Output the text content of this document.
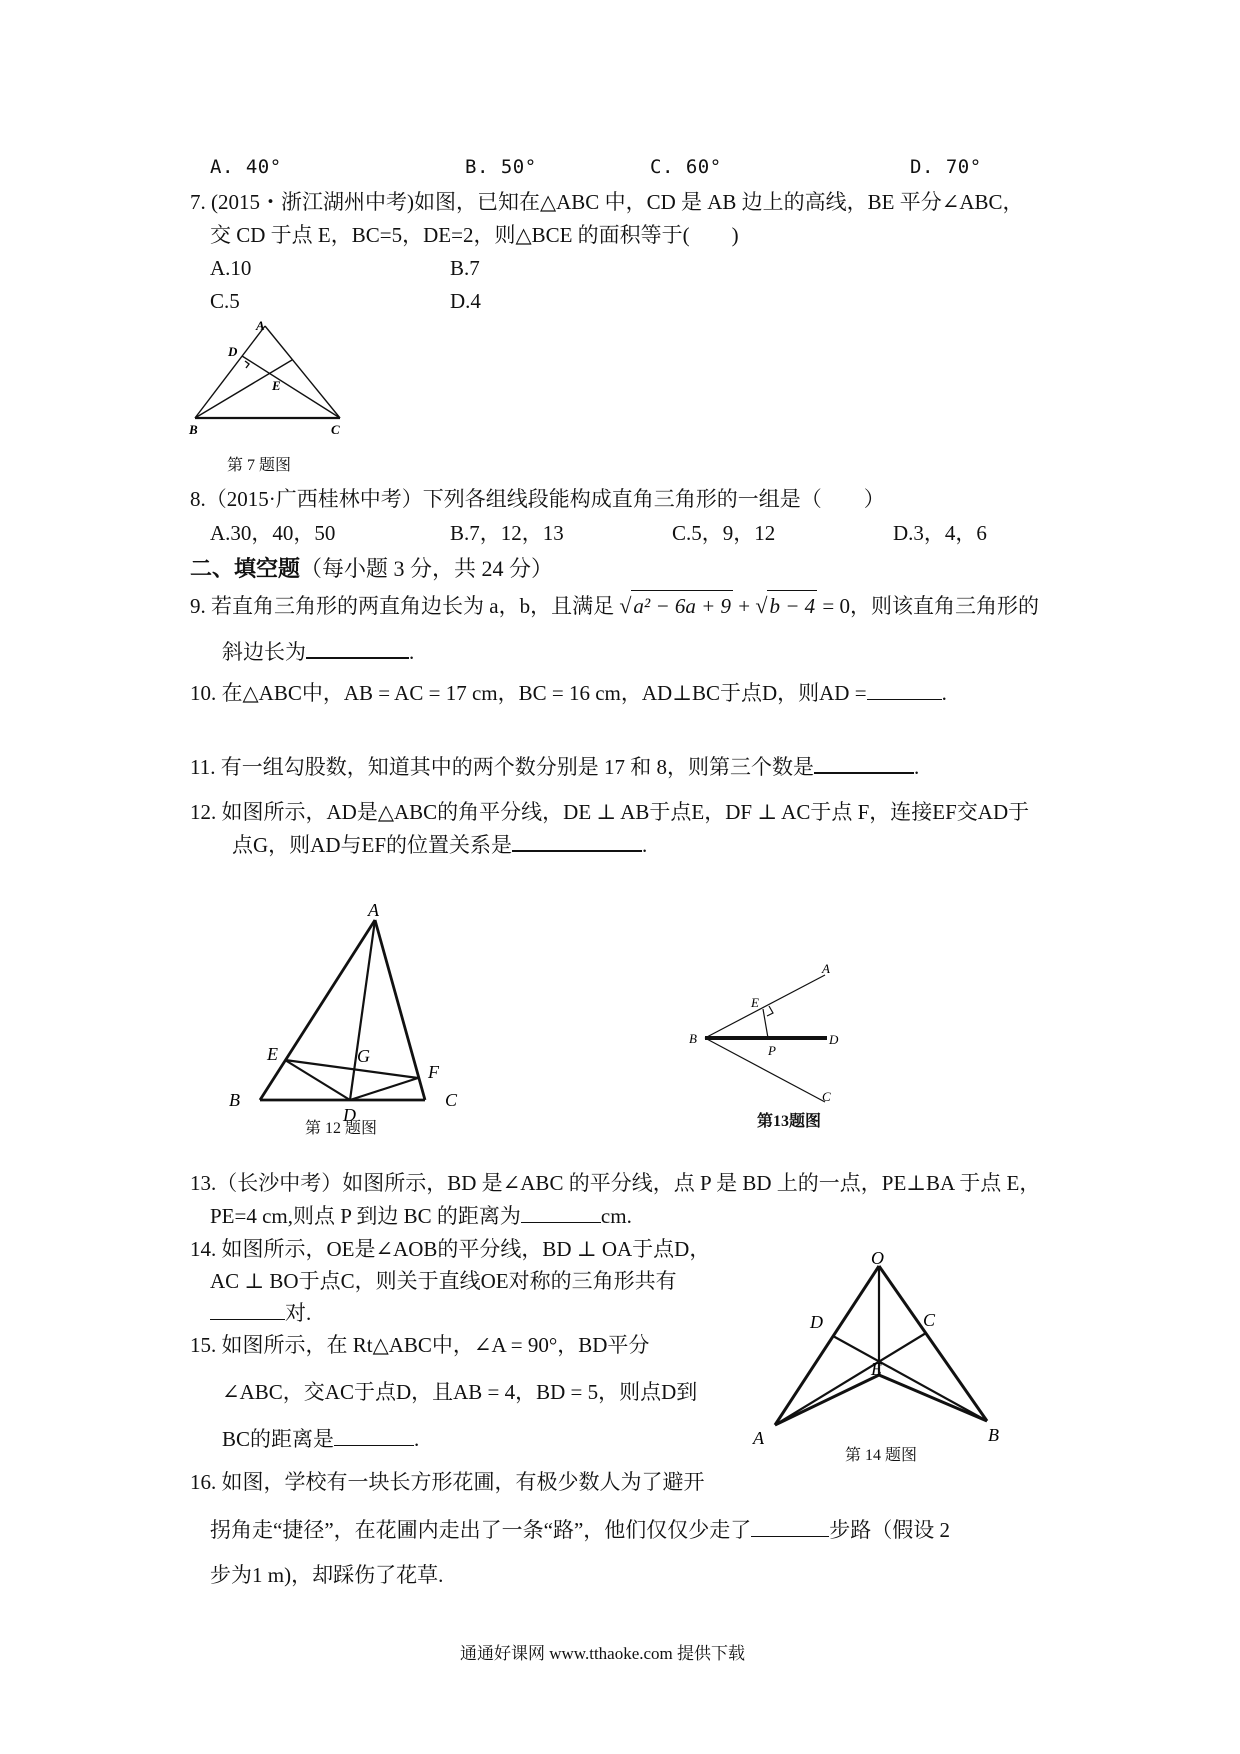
A. 40°	B. 50°	C. 60°	D. 70°
7. (2015・浙江湖州中考)如图，已知在△ABC 中，CD 是 AB 边上的高线，BE 平分∠ABC，
交 CD 于点 E，BC=5，DE=2，则△BCE 的面积等于(　　)
A.10	B.7
C.5	D.4
A
D
E
B	C
第 7 题图
8.（2015·广西桂林中考）下列各组线段能构成直角三角形的一组是（　　）
A.30，40，50	B.7，12，13	C.5，9，12	D.3，4，6
二、填空题（每小题 3 分，共 24 分）
9. 若直角三角形的两直角边长为 a，b，且满足 √a² − 6a + 9 + √b − 4 = 0，则该直角三角形的
斜边长为	.
10. 在△ABC中，AB = AC = 17 cm，BC = 16 cm，AD⊥BC于点D，则AD =	.
11. 有一组勾股数，知道其中的两个数分别是 17 和 8，则第三个数是	.
12. 如图所示，AD是△ABC的角平分线，DE ⊥ AB于点E，DF ⊥ AC于点 F，连接EF交AD于
点G，则AD与EF的位置关系是	.
A
E	G
F
B
D
C
第 12 题图
A
E
B
P
D
C
第13题图
13.（长沙中考）如图所示，BD 是∠ABC 的平分线，点 P 是 BD 上的一点，PE⊥BA 于点 E，
PE=4 cm,则点 P 到边 BC 的距离为	cm.
14. 如图所示，OE是∠AOB的平分线，BD ⊥ OA于点D，
AC ⊥ BO于点C，则关于直线OE对称的三角形共有
对.
O
D	C
E
A	B
第 14 题图
15. 如图所示，在 Rt△ABC中，∠A = 90°，BD平分
∠ABC，交AC于点D，且AB = 4，BD = 5，则点D到
BC的距离是	.
16. 如图，学校有一块长方形花圃，有极少数人为了避开
拐角走“捷径”，在花圃内走出了一条“路”，他们仅仅少走了	步路（假设 2
步为1 m)，却踩伤了花草.
通通好课网 www.tthaoke.com 提供下载
